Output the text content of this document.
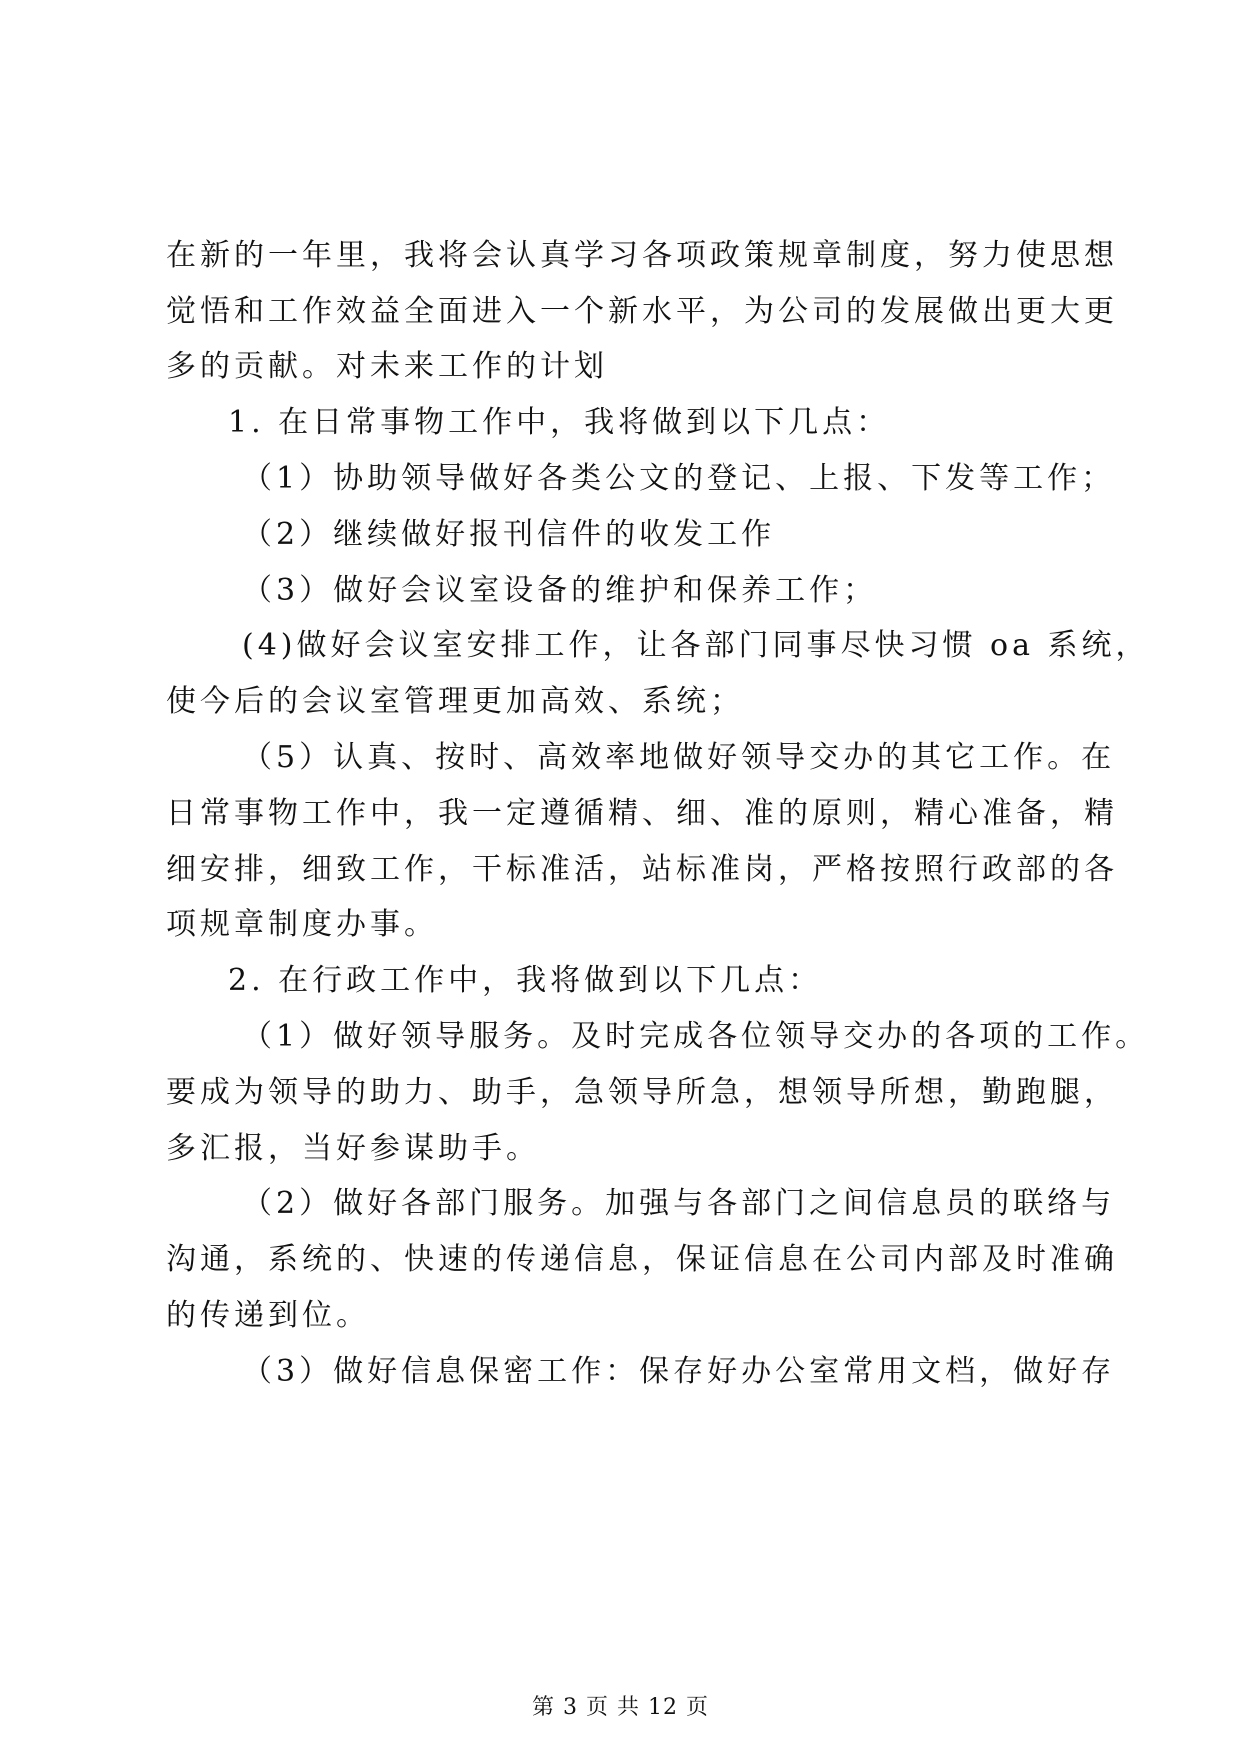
在新的一年里，我将会认真学习各项政策规章制度，努力使思想
觉悟和工作效益全面进入一个新水平，为公司的发展做出更大更
多的贡献。对未来工作的计划
1. 在日常事物工作中，我将做到以下几点：
（1）协助领导做好各类公文的登记、上报、下发等工作；
（2）继续做好报刊信件的收发工作
（3）做好会议室设备的维护和保养工作；
(4)做好会议室安排工作，让各部门同事尽快习惯 oa 系统，
使今后的会议室管理更加高效、系统；
（5）认真、按时、高效率地做好领导交办的其它工作。在
日常事物工作中，我一定遵循精、细、准的原则，精心准备，精
细安排，细致工作，干标准活，站标准岗，严格按照行政部的各
项规章制度办事。
2. 在行政工作中，我将做到以下几点：
（1）做好领导服务。及时完成各位领导交办的各项的工作。
要成为领导的助力、助手，急领导所急，想领导所想，勤跑腿，
多汇报，当好参谋助手。
（2）做好各部门服务。加强与各部门之间信息员的联络与
沟通，系统的、快速的传递信息，保证信息在公司内部及时准确
的传递到位。
（3）做好信息保密工作：保存好办公室常用文档，做好存
第 3 页 共 12 页
